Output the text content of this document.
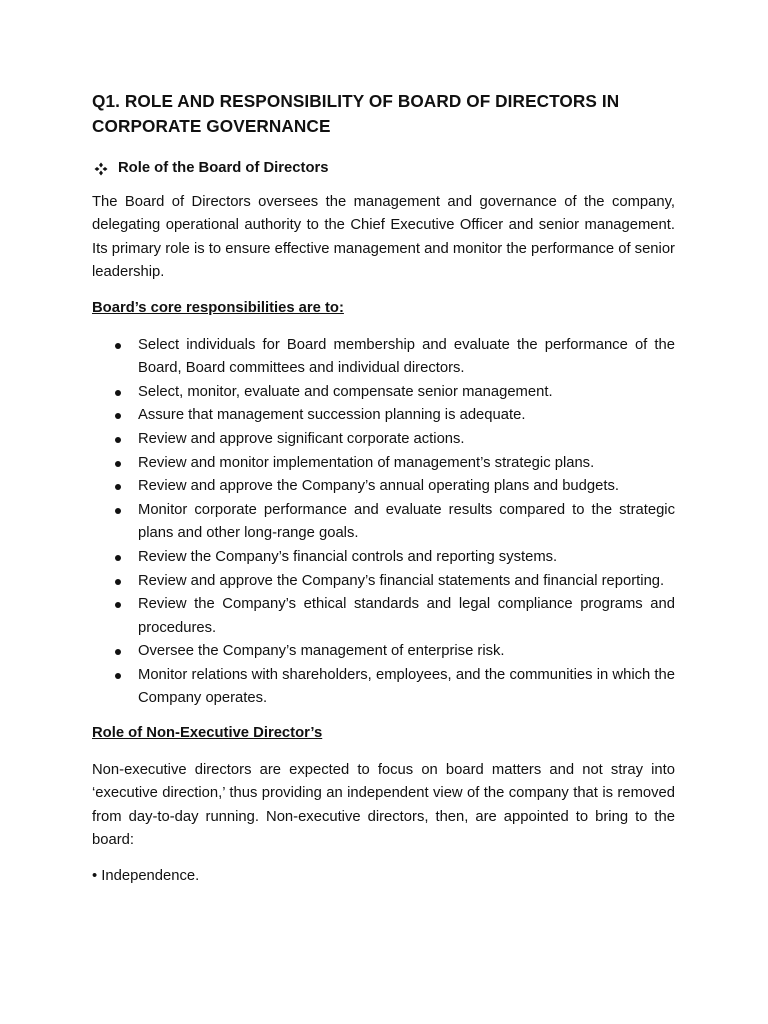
Q1. ROLE AND RESPONSIBILITY OF BOARD OF DIRECTORS IN CORPORATE GOVERNANCE
Role of the Board of Directors

The Board of Directors oversees the management and governance of the company, delegating operational authority to the Chief Executive Officer and senior management. Its primary role is to ensure effective management and monitor the performance of senior leadership.

Board’s core responsibilities are to:

Select individuals for Board membership and evaluate the performance of the Board, Board committees and individual directors.
Select, monitor, evaluate and compensate senior management.
Assure that management succession planning is adequate.
Review and approve significant corporate actions.
Review and monitor implementation of management’s strategic plans.
Review and approve the Company’s annual operating plans and budgets.
Monitor corporate performance and evaluate results compared to the strategic plans and other long-range goals.
Review the Company’s financial controls and reporting systems.
Review and approve the Company’s financial statements and financial reporting.
Review the Company’s ethical standards and legal compliance programs and procedures.
Oversee the Company’s management of enterprise risk.
Monitor relations with shareholders, employees, and the communities in which the Company operates.

Role of Non-Executive Director’s

Non-executive directors are expected to focus on board matters and not stray into ‘executive direction,’ thus providing an independent view of the company that is removed from day-to-day running. Non-executive directors, then, are appointed to bring to the board:

• Independence.
